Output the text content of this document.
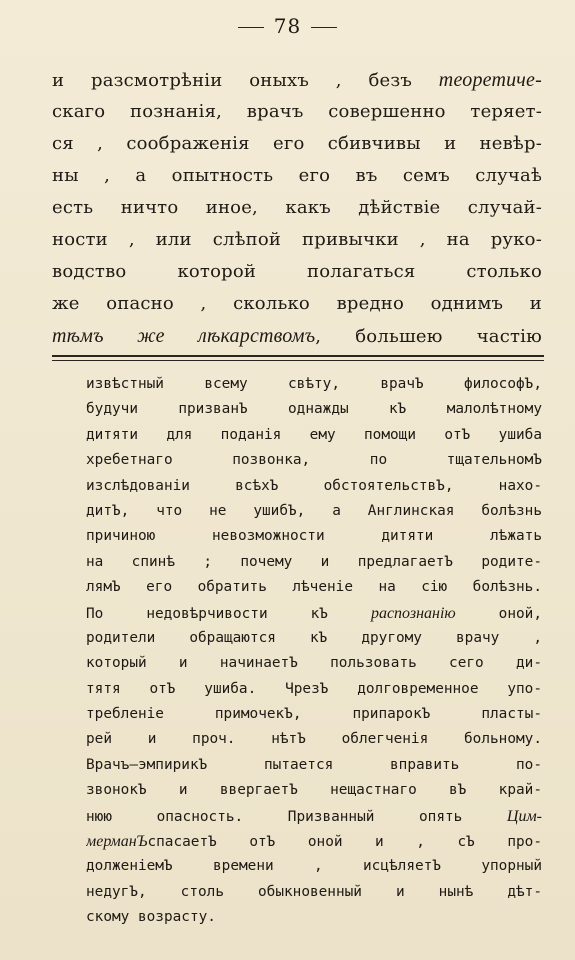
78
и разсмотрѣніи оныхъ , безъ теоретиче-
скаго познанія, врачъ совершенно теряет-
ся , соображенія его сбивчивы и невѣр-
ны , а опытность его въ семъ случаѣ
есть ничто иное, какъ дѣйствіе случай-
ности , или слѣпой привычки , на руко-
водство которой полагаться столько
же опасно , сколько вредно однимъ и
тѣмъ же лѣкарствомъ, большею частію
извѣстный всему свѣту, врачЪ философЪ,
будучи призванЪ однажды кЪ малолѣтному
дитяти для поданія ему помощи отЪ ушиба
хребетнаго позвонка, по тщательномЪ
изслѣдованіи всѣхЪ обстоятельствЪ, нахо-
дитЪ, что не ушибЪ, а Англинская болѣзнь
причиною невозможности дитяти лѣжать
на спинѣ ; почему и предлагаетЪ родите-
лямЪ его обратить лѣченіе на сію болѣзнь.
По недовѣрчивости кЪ распознанію оной,
родители обращаются кЪ другому врачу ,
который и начинаетЪ пользовать сего ди-
тятя отЪ ушиба. ЧрезЪ долговременное упо-
требленіе примочекЪ, припарокЪ пласты-
рей и проч. нѣтЪ облегченія больному.
Врачъ—эмпирикЪ пытается вправить по-
звонокЪ и ввергаетЪ нещастнаго вЪ край-
нюю опасность. Призванный опять Цим-
мерманЪспасаетЪ отЪ оной и , сЪ про-
долженіемЪ времени , исцѣляетЪ упорный
недугЪ, столь обыкновенный и нынѣ дѣт-
скому возрасту.
